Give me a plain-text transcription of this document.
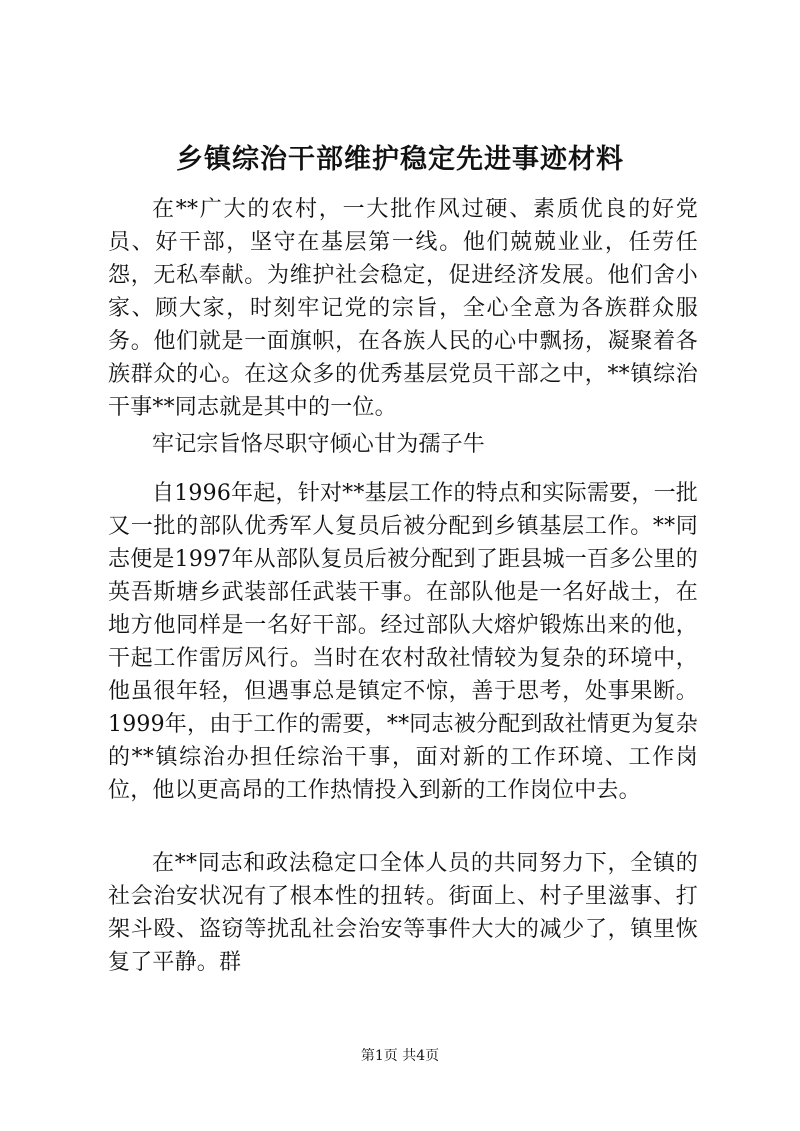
乡镇综治干部维护稳定先进事迹材料
在**广大的农村，一大批作风过硬、素质优良的好党员、好干部，坚守在基层第一线。他们兢兢业业，任劳任怨，无私奉献。为维护社会稳定，促进经济发展。他们舍小家、顾大家，时刻牢记党的宗旨，全心全意为各族群众服务。他们就是一面旗帜，在各族人民的心中飘扬，凝聚着各族群众的心。在这众多的优秀基层党员干部之中，**镇综治干事**同志就是其中的一位。
牢记宗旨恪尽职守倾心甘为孺子牛
自1996年起，针对**基层工作的特点和实际需要，一批又一批的部队优秀军人复员后被分配到乡镇基层工作。**同志便是1997年从部队复员后被分配到了距县城一百多公里的英吾斯塘乡武装部任武装干事。在部队他是一名好战士，在地方他同样是一名好干部。经过部队大熔炉锻炼出来的他，干起工作雷厉风行。当时在农村敌社情较为复杂的环境中，他虽很年轻，但遇事总是镇定不惊，善于思考，处事果断。1999年，由于工作的需要，**同志被分配到敌社情更为复杂的**镇综治办担任综治干事，面对新的工作环境、工作岗位，他以更高昂的工作热情投入到新的工作岗位中去。
在**同志和政法稳定口全体人员的共同努力下，全镇的社会治安状况有了根本性的扭转。街面上、村子里滋事、打架斗殴、盗窃等扰乱社会治安等事件大大的减少了，镇里恢复了平静。群
第1页 共4页
